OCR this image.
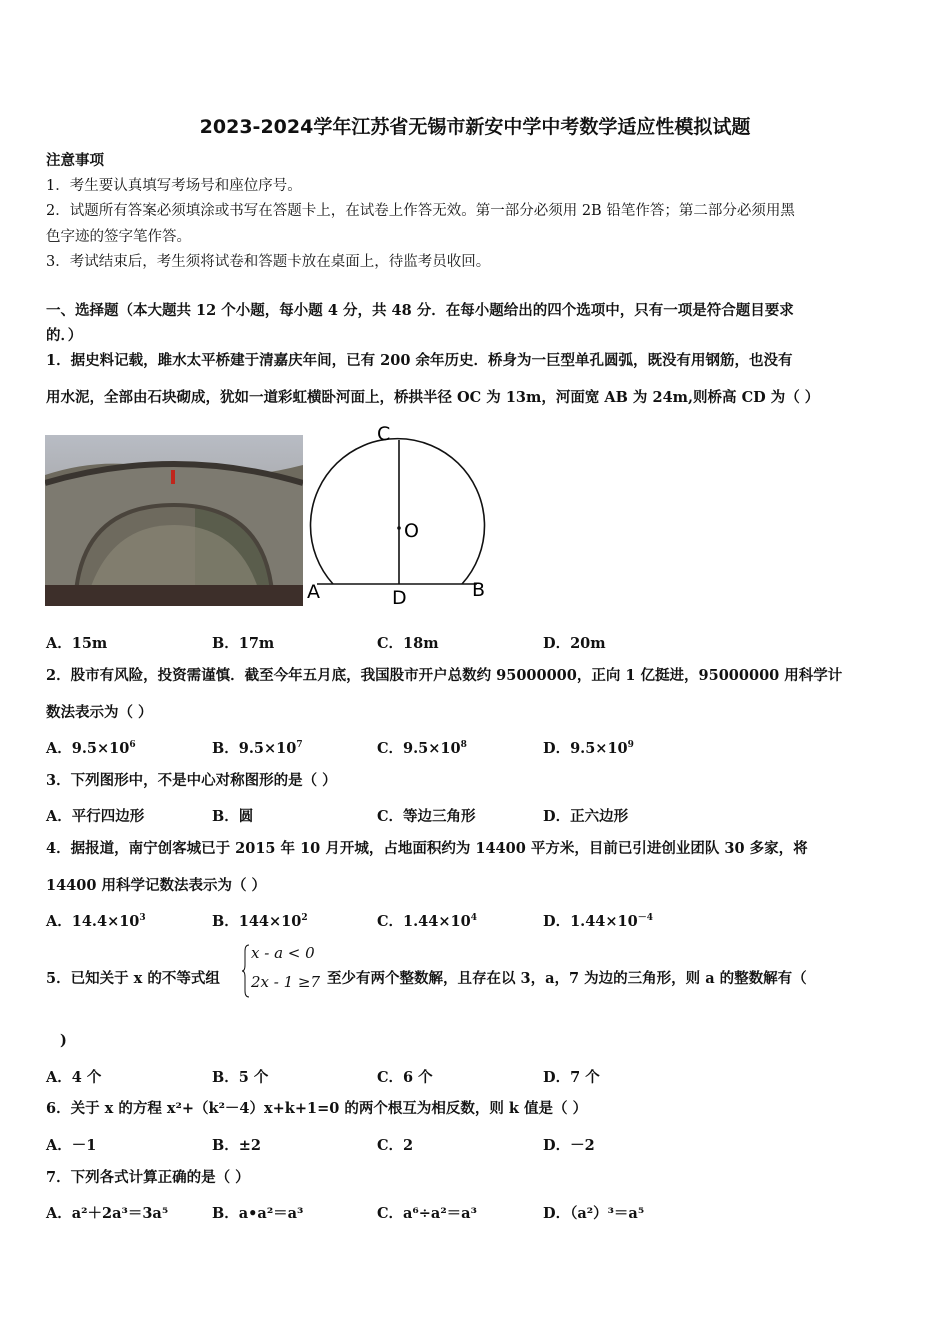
2023-2024学年江苏省无锡市新安中学中考数学适应性模拟试题
注意事项
1．考生要认真填写考场号和座位序号。
2．试题所有答案必须填涂或书写在答题卡上，在试卷上作答无效。第一部分必须用 2B 铅笔作答；第二部分必须用黑
色字迹的签字笔作答。
3．考试结束后，考生须将试卷和答题卡放在桌面上，待监考员收回。
一、选择题（本大题共 12 个小题，每小题 4 分，共 48 分．在每小题给出的四个选项中，只有一项是符合题目要求
的．）
1．据史料记载，雎水太平桥建于清嘉庆年间，已有 200 余年历史．桥身为一巨型单孔圆弧，既没有用钢筋，也没有
用水泥，全部由石块砌成，犹如一道彩虹横卧河面上，桥拱半径 OC 为 13m，河面宽 AB 为 24m,则桥高 CD 为（ ）
C
O
A	D	B
A．15m	B．17m	C．18m	D．20m
2．股市有风险，投资需谨慎．截至今年五月底，我国股市开户总数约 95000000，正向 1 亿挺进，95000000 用科学计
数法表示为（ ）
A．$9.5\times 10^6$	B．$9.5\times 10^7$	C．$9.5\times 10^8$	D．$9.5\times 10^9$
3．下列图形中，不是中心对称图形的是（ ）
A．平行四边形	B．圆	C．等边三角形	D．正六边形
4．据报道，南宁创客城已于 2015 年 10 月开城，占地面积约为 14400 平方米，目前已引进创业团队 30 多家，将
14400 用科学记数法表示为（ ）
A．$14.4\times 10^3$	B．$144\times 10^2$	C．$1.44\times 10^4$	D．$1.44\times 10^{-4}$
5．已知关于 x 的不等式组
x - a < 0
2x - 1 ≥7 至少有两个整数解，且存在以 3，a，7 为边的三角形，则 a 的整数解有（
)
A．4 个	B．5 个	C．6 个	D．7 个
6．关于 x 的方程 x²+（k²－4）x+k+1=0 的两个根互为相反数，则 k 值是（ ）
A．－1	B．±2	C．2	D．－2
7．下列各式计算正确的是（ ）
A．a²＋2a³＝3a⁵	B．a•a²＝a³	C．a⁶÷a²＝a³	D．（a²）³＝a⁵
